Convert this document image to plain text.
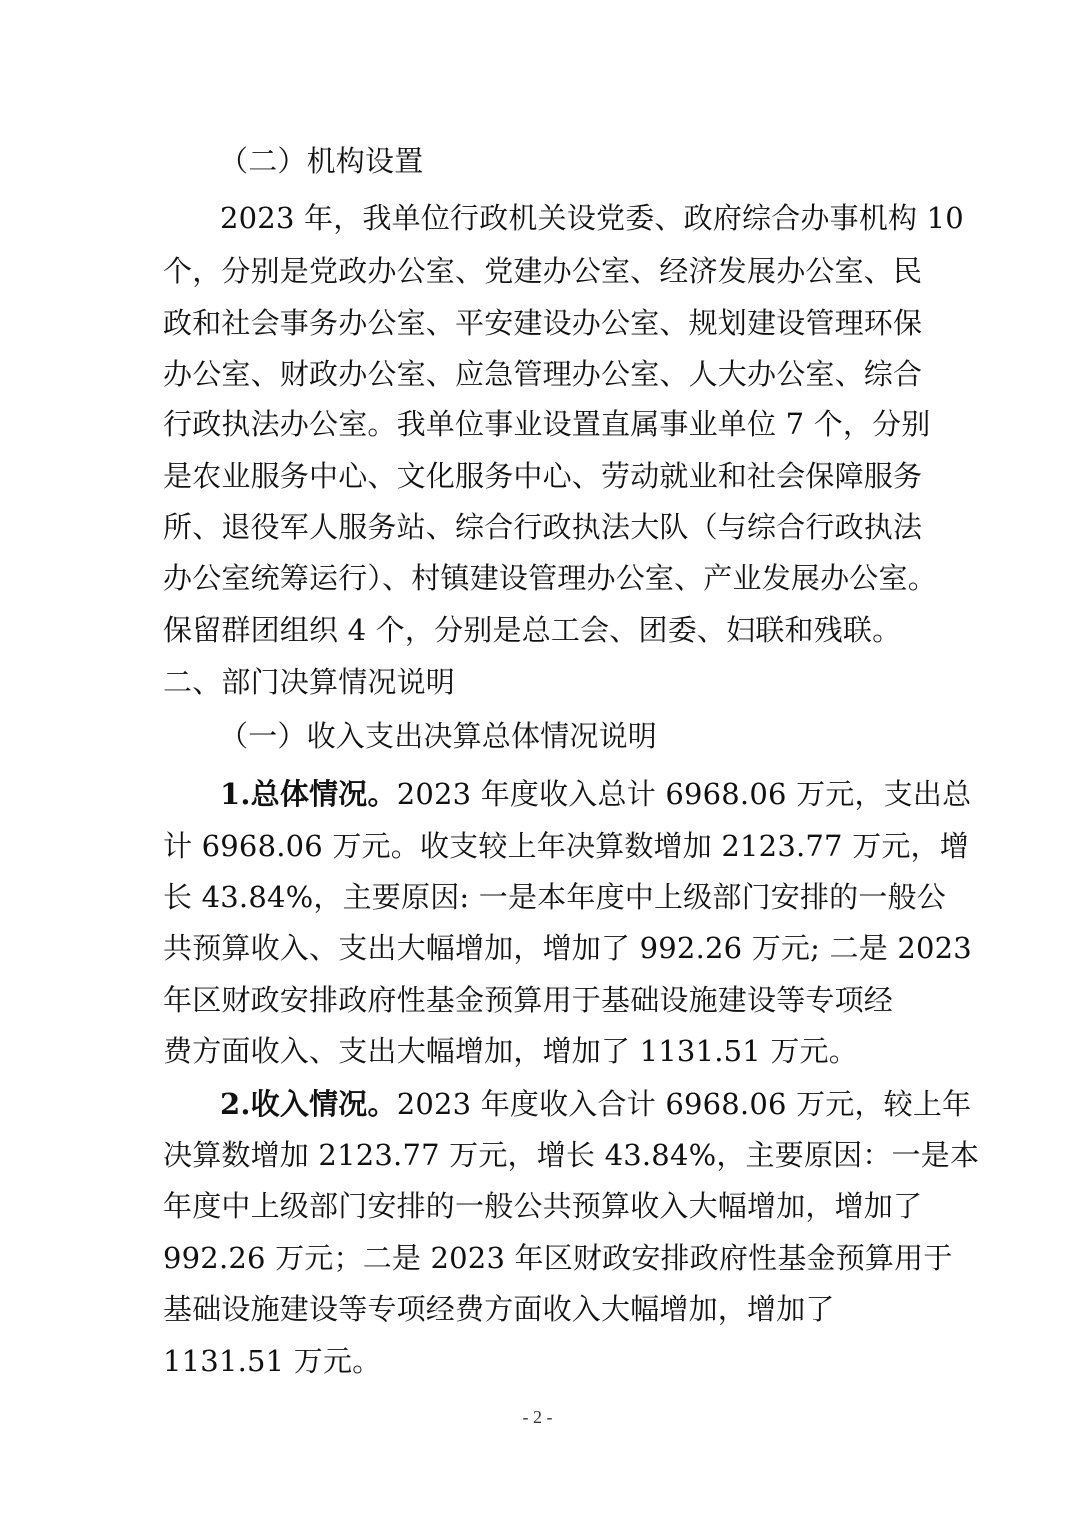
（二）机构设置
2023 年，我单位行政机关设党委、政府综合办事机构 10
个，分别是党政办公室、党建办公室、经济发展办公室、民
政和社会事务办公室、平安建设办公室、规划建设管理环保
办公室、财政办公室、应急管理办公室、人大办公室、综合
行政执法办公室。我单位事业设置直属事业单位 7 个，分别
是农业服务中心、文化服务中心、劳动就业和社会保障服务
所、退役军人服务站、综合行政执法大队（与综合行政执法
办公室统筹运行）、村镇建设管理办公室、产业发展办公室。
保留群团组织 4 个，分别是总工会、团委、妇联和残联。
二、部门决算情况说明
（一）收入支出决算总体情况说明
1.总体情况。2023 年度收入总计 6968.06 万元，支出总
计 6968.06 万元。收支较上年决算数增加 2123.77 万元，增
长 43.84%，主要原因: 一是本年度中上级部门安排的一般公
共预算收入、支出大幅增加，增加了 992.26 万元; 二是 2023
年区财政安排政府性基金预算用于基础设施建设等专项经
费方面收入、支出大幅增加，增加了 1131.51 万元。
2.收入情况。2023 年度收入合计 6968.06 万元，较上年
决算数增加 2123.77 万元，增长 43.84%，主要原因：一是本
年度中上级部门安排的一般公共预算收入大幅增加，增加了
992.26 万元；二是 2023 年区财政安排政府性基金预算用于
基础设施建设等专项经费方面收入大幅增加，增加了
1131.51 万元。
- 2 -
